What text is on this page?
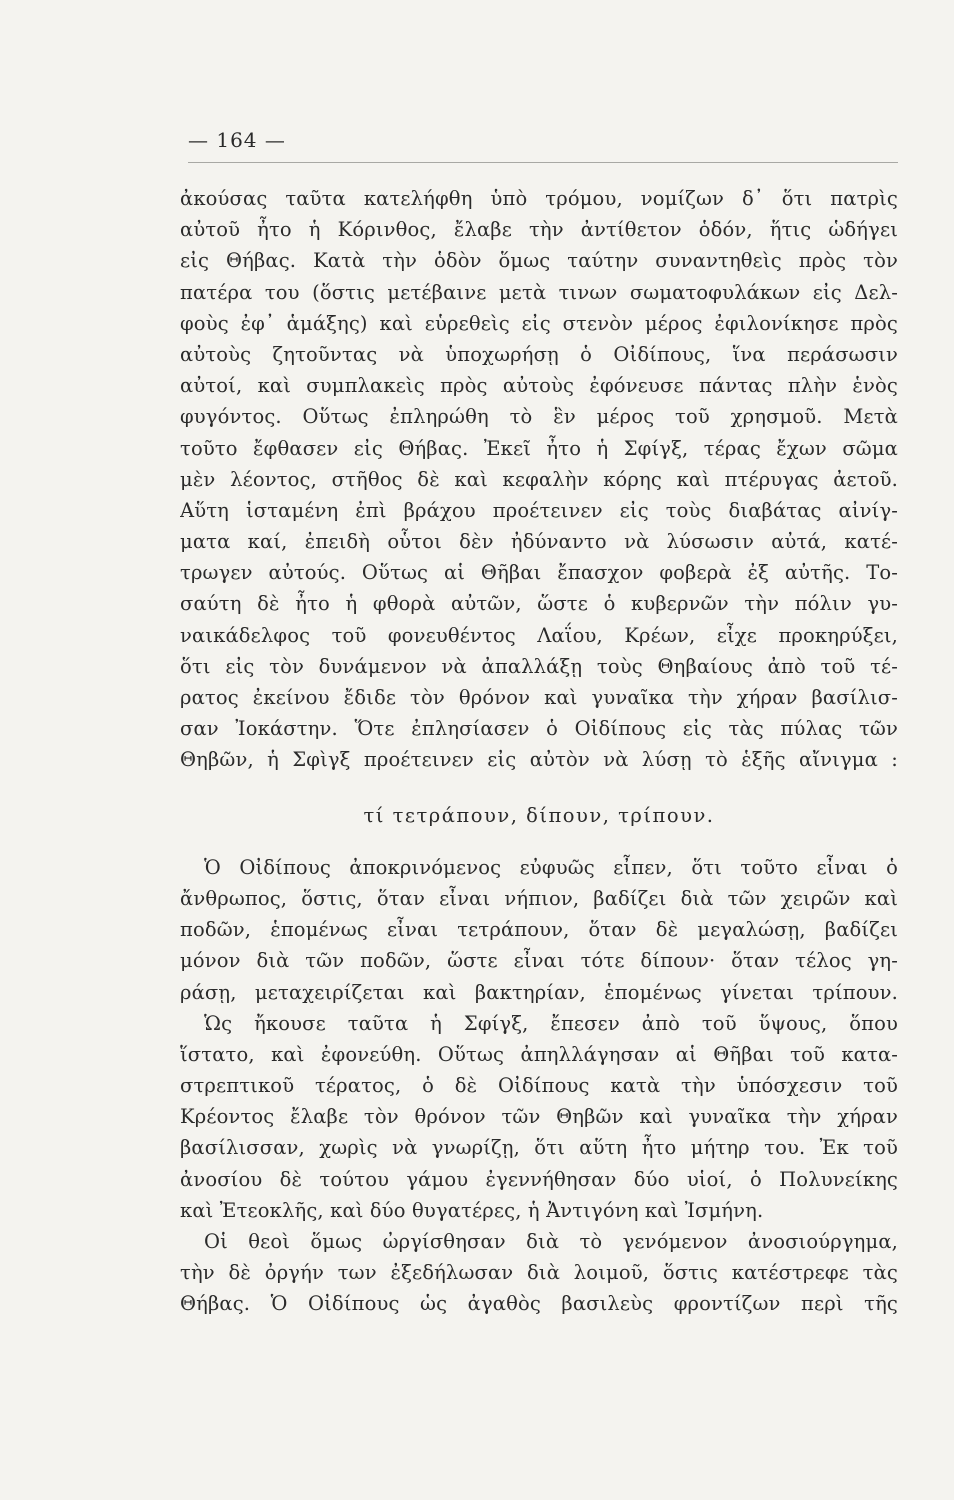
— 164 —
ἀκούσας ταῦτα κατελήφθη ὑπὸ τρόμου, νομίζων δ᾽ ὅτι πατρὶς
αὐτοῦ ἦτο ἡ Κόρινθος, ἔλαβε τὴν ἀντίθετον ὁδόν, ἥτις ὡδήγει
εἰς Θήβας. Κατὰ τὴν ὁδὸν ὅμως ταύτην συναντηθεὶς πρὸς τὸν
πατέρα του (ὅστις μετέβαινε μετὰ τινων σωματοφυλάκων εἰς Δελ-
φοὺς ἐφ᾽ ἁμάξης) καὶ εὑρεθεὶς εἰς στενὸν μέρος ἐφιλονίκησε πρὸς
αὐτοὺς ζητοῦντας νὰ ὑποχωρήσῃ ὁ Οἰδίπους, ἵνα περάσωσιν
αὐτοί, καὶ συμπλακεὶς πρὸς αὐτοὺς ἐφόνευσε πάντας πλὴν ἑνὸς
φυγόντος. Οὕτως ἐπληρώθη τὸ ἓν μέρος τοῦ χρησμοῦ. Μετὰ
τοῦτο ἔφθασεν εἰς Θήβας. Ἐκεῖ ἦτο ἡ Σφίγξ, τέρας ἔχων σῶμα
μὲν λέοντος, στῆθος δὲ καὶ κεφαλὴν κόρης καὶ πτέρυγας ἀετοῦ.
Αὕτη ἱσταμένη ἐπὶ βράχου προέτεινεν εἰς τοὺς διαβάτας αἰνίγ-
ματα καί, ἐπειδὴ οὗτοι δὲν ἠδύναντο νὰ λύσωσιν αὐτά, κατέ-
τρωγεν αὐτούς. Οὕτως αἱ Θῆβαι ἔπασχον φοβερὰ ἐξ αὐτῆς. Το-
σαύτη δὲ ἦτο ἡ φθορὰ αὐτῶν, ὥστε ὁ κυβερνῶν τὴν πόλιν γυ-
ναικάδελφος τοῦ φονευθέντος Λαΐου, Κρέων, εἶχε προκηρύξει,
ὅτι εἰς τὸν δυνάμενον νὰ ἀπαλλάξῃ τοὺς Θηβαίους ἀπὸ τοῦ τέ-
ρατος ἐκείνου ἔδιδε τὸν θρόνον καὶ γυναῖκα τὴν χήραν βασίλισ-
σαν Ἰοκάστην. Ὅτε ἐπλησίασεν ὁ Οἰδίπους εἰς τὰς πύλας τῶν
Θηβῶν, ἡ Σφὶγξ προέτεινεν εἰς αὐτὸν νὰ λύσῃ τὸ ἑξῆς αἴνιγμα :
τί τετράπουν, δίπουν, τρίπουν.
Ὁ Οἰδίπους ἀποκρινόμενος εὐφυῶς εἶπεν, ὅτι τοῦτο εἶναι ὁ
ἄνθρωπος, ὅστις, ὅταν εἶναι νήπιον, βαδίζει διὰ τῶν χειρῶν καὶ
ποδῶν, ἑπομένως εἶναι τετράπουν, ὅταν δὲ μεγαλώσῃ, βαδίζει
μόνον διὰ τῶν ποδῶν, ὥστε εἶναι τότε δίπουν· ὅταν τέλος γη-
ράσῃ, μεταχειρίζεται καὶ βακτηρίαν, ἑπομένως γίνεται τρίπουν.
Ὡς ἤκουσε ταῦτα ἡ Σφίγξ, ἔπεσεν ἀπὸ τοῦ ὕψους, ὅπου
ἵστατο, καὶ ἐφονεύθη. Οὕτως ἀπηλλάγησαν αἱ Θῆβαι τοῦ κατα-
στρεπτικοῦ τέρατος, ὁ δὲ Οἰδίπους κατὰ τὴν ὑπόσχεσιν τοῦ
Κρέοντος ἔλαβε τὸν θρόνον τῶν Θηβῶν καὶ γυναῖκα τὴν χήραν
βασίλισσαν, χωρὶς νὰ γνωρίζῃ, ὅτι αὕτη ἦτο μήτηρ του. Ἐκ τοῦ
ἀνοσίου δὲ τούτου γάμου ἐγεννήθησαν δύο υἱοί, ὁ Πολυνείκης
καὶ Ἐτεοκλῆς, καὶ δύο θυγατέρες, ἡ Ἀντιγόνη καὶ Ἰσμήνη.
Οἱ θεοὶ ὅμως ὠργίσθησαν διὰ τὸ γενόμενον ἀνοσιούργημα,
τὴν δὲ ὀργήν των ἐξεδήλωσαν διὰ λοιμοῦ, ὅστις κατέστρεφε τὰς
Θήβας. Ὁ Οἰδίπους ὡς ἀγαθὸς βασιλεὺς φροντίζων περὶ τῆς
